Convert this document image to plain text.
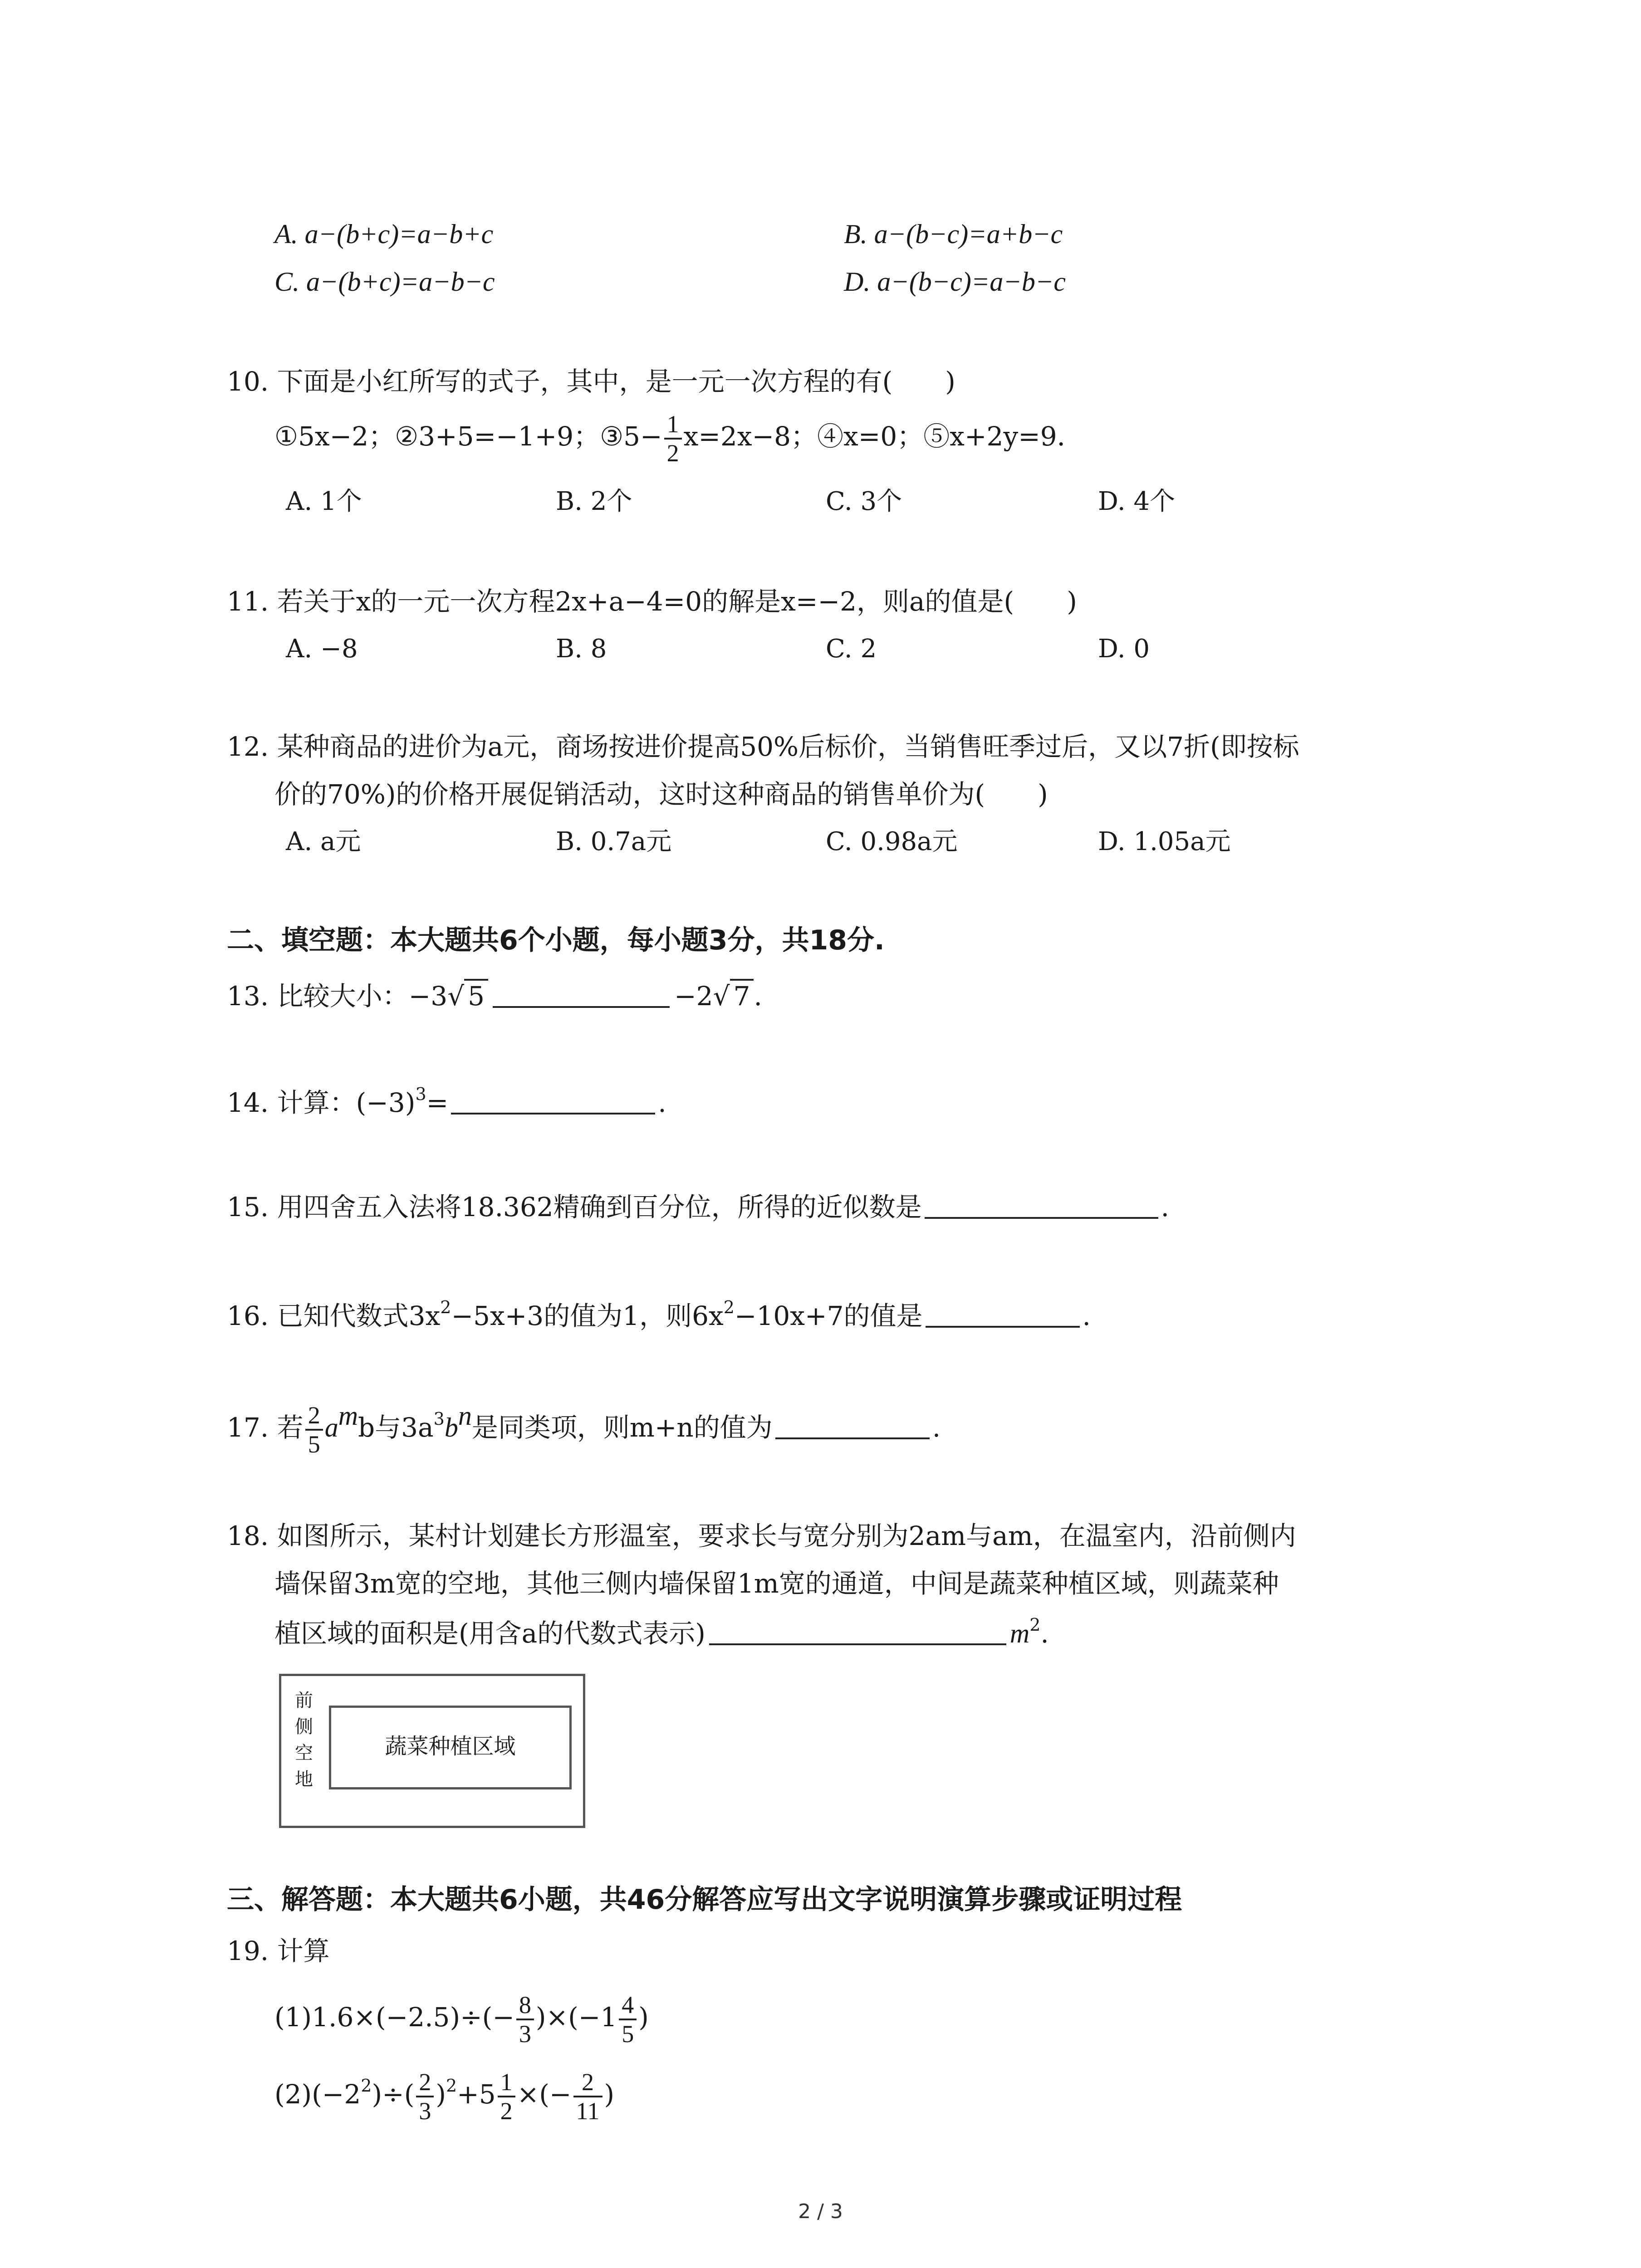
A. a−(b+c)=a−b+c	B. a−(b−c)=a+b−c
C. a−(b+c)=a−b−c	D. a−(b−c)=a−b−c
10. 下面是小红所写的式子，其中，是一元一次方程的有(　　)
①5x−2；②3+5=−1+9；③5− $\frac{1}{2} x=2x-8$；④x=0；⑤x+2y=9．
A. 1个	B. 2个	C. 3个	D. 4个
11. 若关于x的一元一次方程2x+a−4=0的解是x=−2，则a的值是(　　)
A. −8	B. 8	C. 2	D. 0
12. 某种商品的进价为a元，商场按进价提高50%后标价，当销售旺季过后，又以7折(即按标
价的70%)的价格开展促销活动，这时这种商品的销售单价为(　　)
A. a元	B. 0.7a元	C. 0.98a元	D. 1.05a元
二、填空题：本大题共6个小题，每小题3分，共18分.
13. 比较大小：−3√ 5	−2√ 7 .
14. 计算：$(-3)^3=$	.
15. 用四舍五入法将18.362精确到百分位，所得的近似数是	.
16. 已知代数式$3x^2-5x+3$的值为1，则$6x^2-10x+7$的值是	.
17. 若 $\frac{2}{5} a^mb$与$3a^3b^n$是同类项，则m+n的值为	.
18. 如图所示，某村计划建长方形温室，要求长与宽分别为2am与am，在温室内，沿前侧内
墙保留3m宽的空地，其他三侧内墙保留1m宽的通道，中间是蔬菜种植区域，则蔬菜种
植区域的面积是(用含a的代数式表示)	$m^2$.
前侧空地
蔬菜种植区域
三、解答题：本大题共6小题，共46分解答应写出文字说明演算步骤或证明过程
19. 计算
$(1)1.6\times(-2.5)\div(- \frac{8}{3} )\times(-1 \frac{4}{5}$ )
$(2)(-2^2)\div( \frac{2}{3} )^2+5 \frac{1}{2}$ ×(− $\frac{2}{11}$ )
2 / 3
